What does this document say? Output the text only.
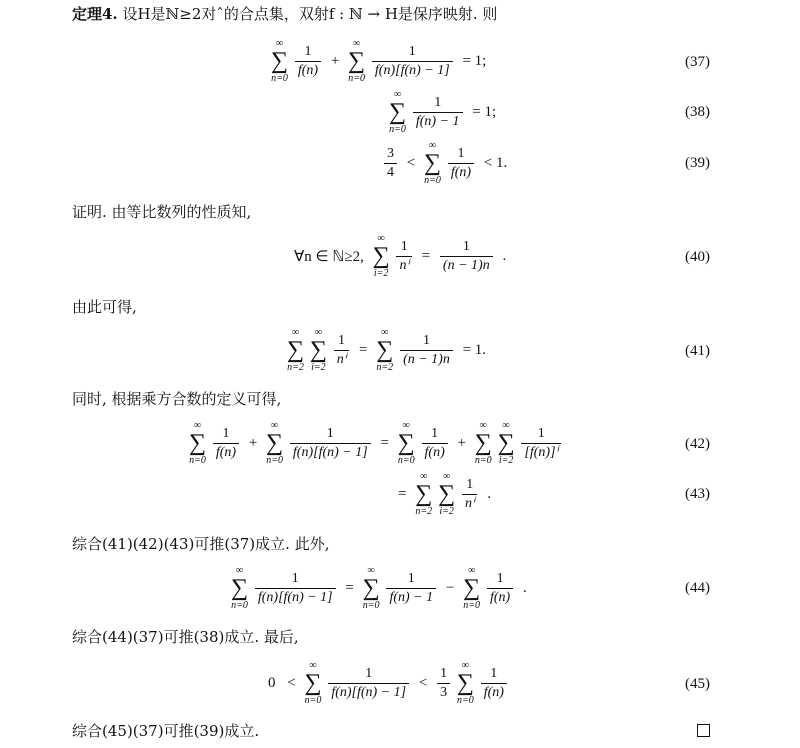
定理4. 设H是ℕ≥2对ˆ的合点集，双射f : ℕ → H是保序映射. 则
∞
∑
n=0
$\frac{1}{f(n)}$ +
∞
∑
n=0
$\frac{1}{f(n)[f(n) - 1]} = 1$;	(37)
∞
∑
n=0
$\frac{1}{f(n) - 1} = 1$;	(38)
$\frac{3}{4}$ <
∞
∑
n=0
$\frac{1}{f(n)} < 1$.	(39)
证明. 由等比数列的性质知,
∀n ∈ ℕ≥2,
∞
∑
i=2
$\frac{1}{\text{nⁱ}} = \frac{1}{(n - 1)n}$ .	(40)
由此可得,
∞
∑
n=2

∞
∑
i=2
$\frac{1}{\text{nⁱ}}$ =
∞
∑
n=2
$\frac{1}{(n - 1)n} = 1$.	(41)
同时, 根据乘方合数的定义可得,
∞
∑
n=0
$\frac{1}{f(n)}$ +
∞
∑
n=0
$\frac{1}{f(n)[f(n) - 1]}$ =
∞
∑
n=0
$\frac{1}{f(n)}$ +
∞
∑
n=0

∞
∑
i=2
$\frac{1}{\text{[f(n)]ⁱ}}$	(42)
=
∞
∑
n=2

∞
∑
i=2
$\frac{1}{\text{nⁱ}}$ .	(43)
综合(41)(42)(43)可推(37)成立. 此外,
∞
∑
n=0
$\frac{1}{f(n)[f(n) - 1]}$ =
∞
∑
n=0
$\frac{1}{f(n) - 1}$ −
∞
∑
n=0
$\frac{1}{f(n)}$ .	(44)
综合(44)(37)可推(38)成立. 最后,
0 <
∞
∑
n=0
$\frac{1}{f(n)[f(n) - 1]} < \frac{1}{3}$
	∞
∑
n=0
$\frac{1}{f(n)}$	(45)
综合(45)(37)可推(39)成立.
